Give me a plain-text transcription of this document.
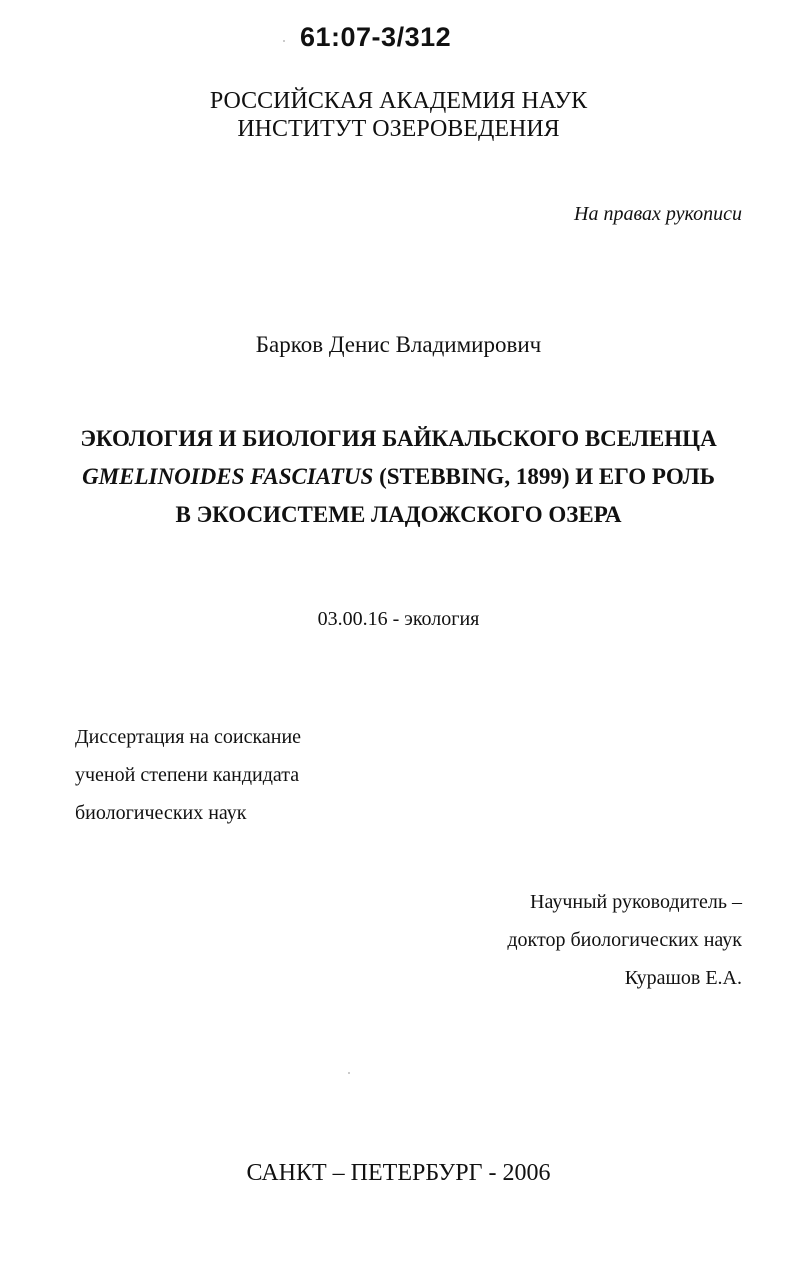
61:07-3/312
РОССИЙСКАЯ АКАДЕМИЯ НАУК
ИНСТИТУТ ОЗЕРОВЕДЕНИЯ
На правах рукописи
Барков Денис Владимирович
ЭКОЛОГИЯ И БИОЛОГИЯ БАЙКАЛЬСКОГО ВСЕЛЕНЦА
GMELINOIDES FASCIATUS (STEBBING, 1899) И ЕГО РОЛЬ
В ЭКОСИСТЕМЕ ЛАДОЖСКОГО ОЗЕРА
03.00.16 - экология
Диссертация на соискание
ученой степени кандидата
биологических наук
Научный руководитель –
доктор биологических наук
Курашов Е.А.
САНКТ – ПЕТЕРБУРГ - 2006
